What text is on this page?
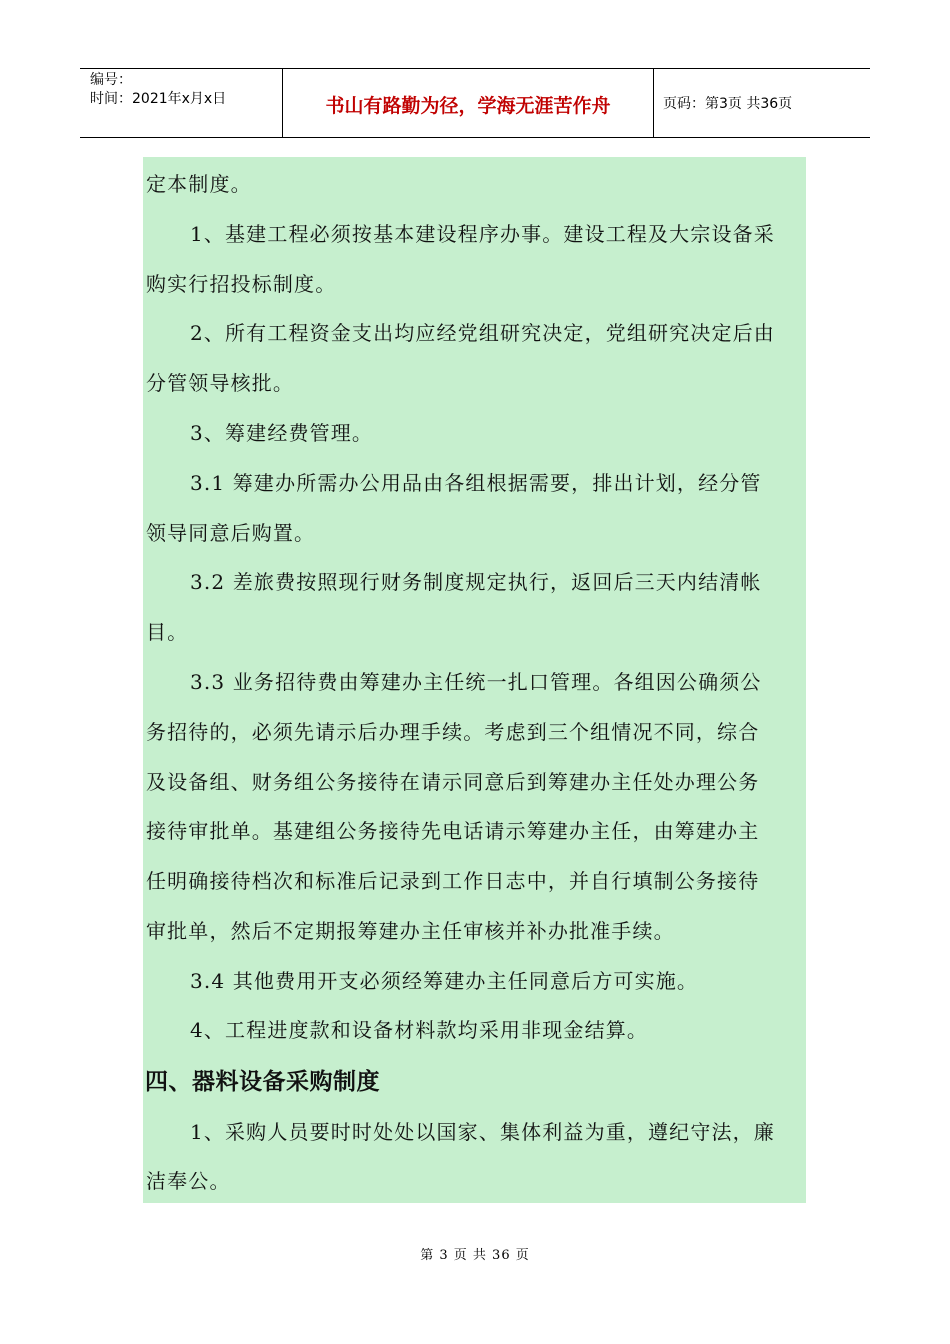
编号：
时间：2021年x月x日	书山有路勤为径，学海无涯苦作舟	页码：第3页 共36页
定本制度。
1、基建工程必须按基本建设程序办事。建设工程及大宗设备采
购实行招投标制度。
2、所有工程资金支出均应经党组研究决定，党组研究决定后由
分管领导核批。
3、筹建经费管理。
3.1 筹建办所需办公用品由各组根据需要，排出计划，经分管
领导同意后购置。
3.2 差旅费按照现行财务制度规定执行，返回后三天内结清帐
目。
3.3 业务招待费由筹建办主任统一扎口管理。各组因公确须公
务招待的，必须先请示后办理手续。考虑到三个组情况不同，综合
及设备组、财务组公务接待在请示同意后到筹建办主任处办理公务
接待审批单。基建组公务接待先电话请示筹建办主任，由筹建办主
任明确接待档次和标准后记录到工作日志中，并自行填制公务接待
审批单，然后不定期报筹建办主任审核并补办批准手续。
3.4 其他费用开支必须经筹建办主任同意后方可实施。
4、工程进度款和设备材料款均采用非现金结算。
四、器料设备采购制度
1、采购人员要时时处处以国家、集体利益为重，遵纪守法，廉
洁奉公。
第 3 页 共 36 页
